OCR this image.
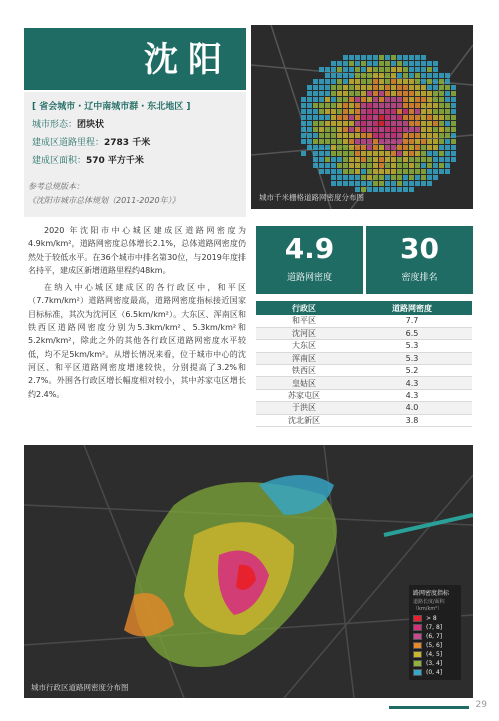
沈阳
[ 省会城市・辽中南城市群・东北地区 ]
城市形态：团块状
建成区道路里程：2783 千米
建成区面积：570 平方千米
参考总规版本：
《沈阳市城市总体规划（2011-2020年）》	城市千米栅格道路网密度分布图

2020 年沈阳市中心城区建成区道路网密度为 4.9km/km²，道路网密度总体增长2.1%，总体道路网密度仍然处于较低水平。在36个城市中排名第30位，与2019年度排名持平，建成区新增道路里程约48km。

在纳入中心城区建成区的各行政区中，和平区（7.7km/km²）道路网密度最高，道路网密度指标接近国家目标标准，其次为沈河区（6.5km/km²）。大东区、浑南区和铁西区道路网密度分别为5.3km/km²、5.3km/km²和5.2km/km²，除此之外的其他各行政区道路网密度水平较低，均不足5km/km²。从增长情况来看，位于城市中心的沈河区、和平区道路网密度增速较快，分别提高了3.2%和2.7%。外围各行政区增长幅度相对较小，其中苏家屯区增长约2.4%。

4.9
道路网密度
30
密度排名
行政区	道路网密度
和平区	7.7
沈河区	6.5
大东区	5.3
浑南区	5.3
铁西区	5.2
皇姑区	4.3
苏家屯区	4.3
于洪区	4.0
沈北新区	3.8
路网密度指标
道路长度/面积（km/km²）
> 8
(7, 8]
(6, 7]
(5, 6]
(4, 5]
(3, 4]
(0, 4]
城市行政区道路网密度分布图
29
